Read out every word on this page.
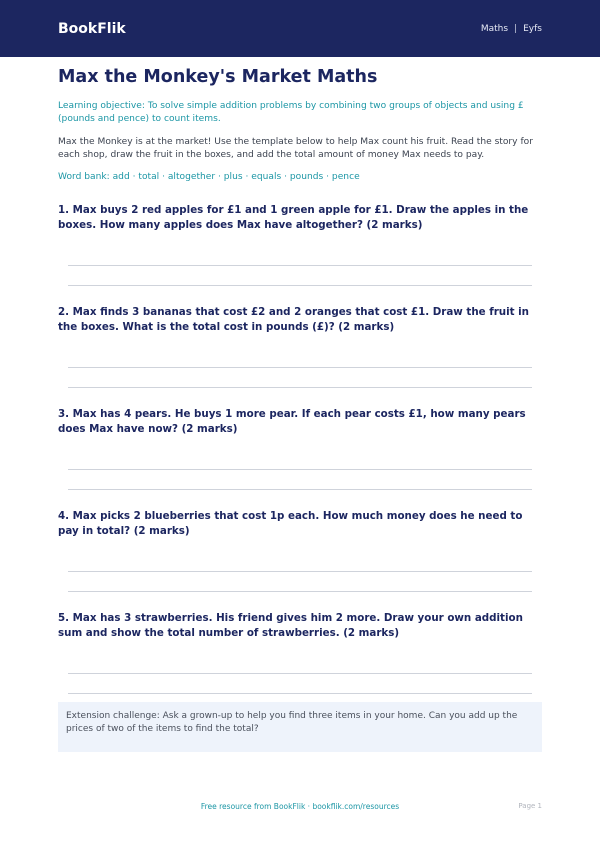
BookFlik	Maths | Eyfs
Max the Monkey's Market Maths
Learning objective: To solve simple addition problems by combining two groups of objects and using £ (pounds and pence) to count items.
Max the Monkey is at the market! Use the template below to help Max count his fruit. Read the story for each shop, draw the fruit in the boxes, and add the total amount of money Max needs to pay.
Word bank: add · total · altogether · plus · equals · pounds · pence
1. Max buys 2 red apples for £1 and 1 green apple for £1. Draw the apples in the boxes. How many apples does Max have altogether? (2 marks)
2. Max finds 3 bananas that cost £2 and 2 oranges that cost £1. Draw the fruit in the boxes. What is the total cost in pounds (£)? (2 marks)
3. Max has 4 pears. He buys 1 more pear. If each pear costs £1, how many pears does Max have now? (2 marks)
4. Max picks 2 blueberries that cost 1p each. How much money does he need to pay in total? (2 marks)
5. Max has 3 strawberries. His friend gives him 2 more. Draw your own addition sum and show the total number of strawberries. (2 marks)
Extension challenge: Ask a grown-up to help you find three items in your home. Can you add up the prices of two of the items to find the total?
Free resource from BookFlik · bookflik.com/resources	Page 1
